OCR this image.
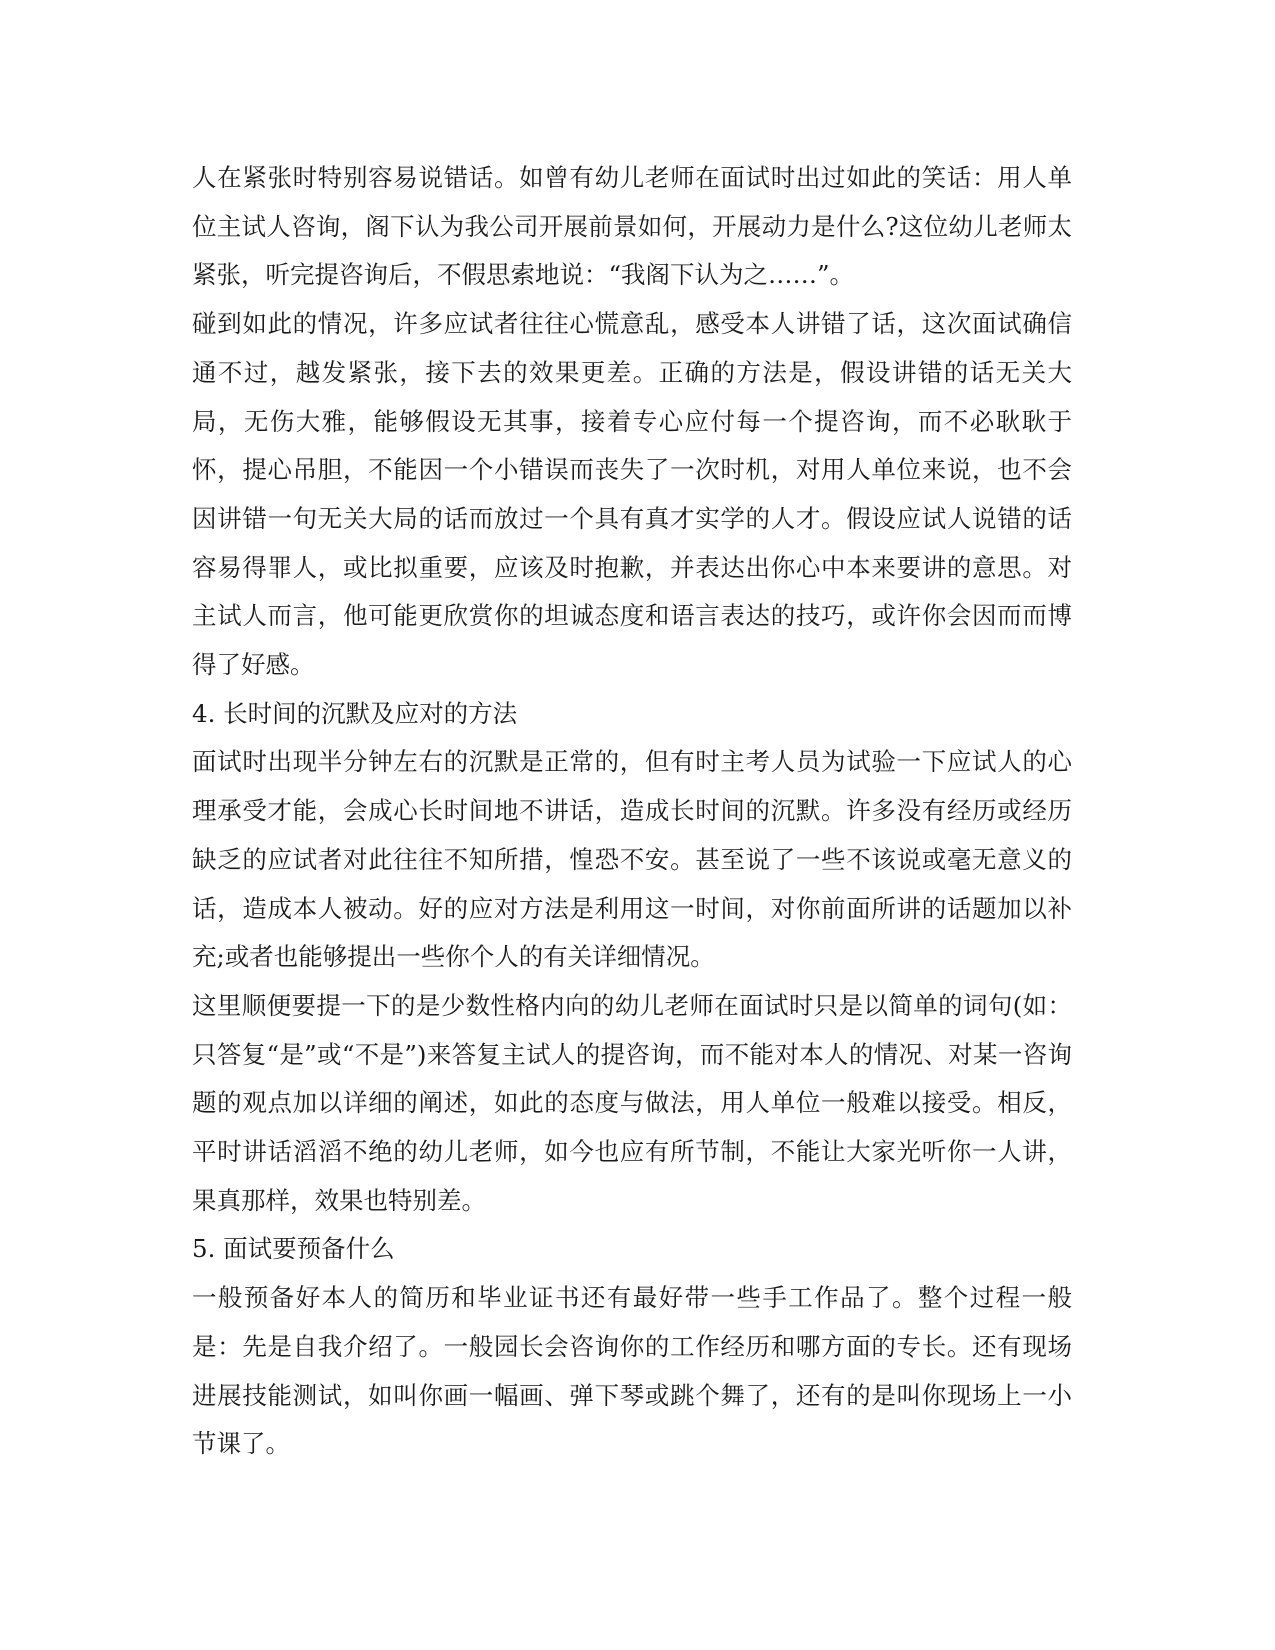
人在紧张时特别容易说错话。如曾有幼儿老师在面试时出过如此的笑话：用人单位主试人咨询，阁下认为我公司开展前景如何，开展动力是什么?这位幼儿老师太紧张，听完提咨询后，不假思索地说：“我阁下认为之……”。

碰到如此的情况，许多应试者往往心慌意乱，感受本人讲错了话，这次面试确信通不过，越发紧张，接下去的效果更差。正确的方法是，假设讲错的话无关大局，无伤大雅，能够假设无其事，接着专心应付每一个提咨询，而不必耿耿于怀，提心吊胆，不能因一个小错误而丧失了一次时机，对用人单位来说，也不会因讲错一句无关大局的话而放过一个具有真才实学的人才。假设应试人说错的话容易得罪人，或比拟重要，应该及时抱歉，并表达出你心中本来要讲的意思。对主试人而言，他可能更欣赏你的坦诚态度和语言表达的技巧，或许你会因而而博得了好感。

4. 长时间的沉默及应对的方法

面试时出现半分钟左右的沉默是正常的，但有时主考人员为试验一下应试人的心理承受才能，会成心长时间地不讲话，造成长时间的沉默。许多没有经历或经历缺乏的应试者对此往往不知所措，惶恐不安。甚至说了一些不该说或毫无意义的话，造成本人被动。好的应对方法是利用这一时间，对你前面所讲的话题加以补充;或者也能够提出一些你个人的有关详细情况。

这里顺便要提一下的是少数性格内向的幼儿老师在面试时只是以简单的词句(如：只答复“是”或“不是”)来答复主试人的提咨询，而不能对本人的情况、对某一咨询题的观点加以详细的阐述，如此的态度与做法，用人单位一般难以接受。相反，平时讲话滔滔不绝的幼儿老师，如今也应有所节制，不能让大家光听你一人讲，果真那样，效果也特别差。

5. 面试要预备什么

一般预备好本人的简历和毕业证书还有最好带一些手工作品了。整个过程一般是：先是自我介绍了。一般园长会咨询你的工作经历和哪方面的专长。还有现场进展技能测试，如叫你画一幅画、弹下琴或跳个舞了，还有的是叫你现场上一小节课了。
